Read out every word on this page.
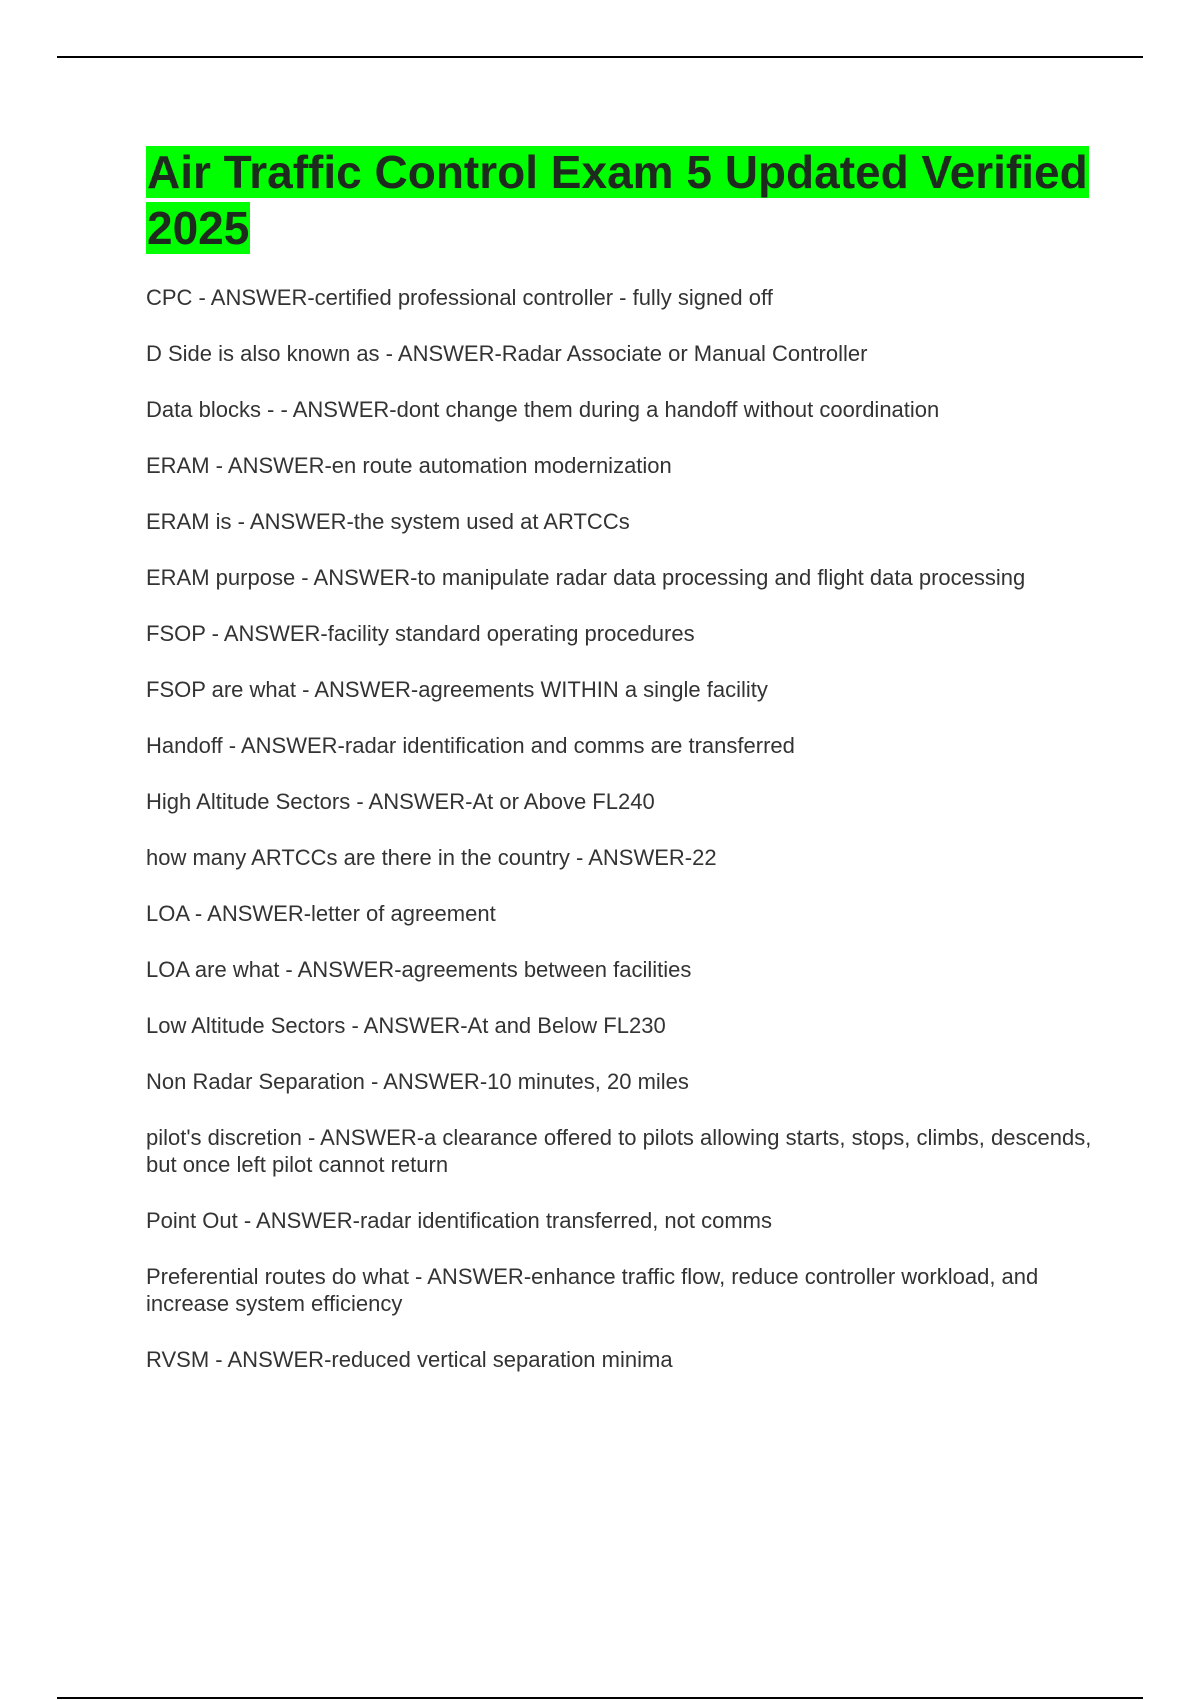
Air Traffic Control Exam 5 Updated Verified 2025
CPC - ANSWER-certified professional controller - fully signed off
D Side is also known as - ANSWER-Radar Associate or Manual Controller
Data blocks - - ANSWER-dont change them during a handoff without coordination
ERAM - ANSWER-en route automation modernization
ERAM is - ANSWER-the system used at ARTCCs
ERAM purpose - ANSWER-to manipulate radar data processing and flight data processing
FSOP - ANSWER-facility standard operating procedures
FSOP are what - ANSWER-agreements WITHIN a single facility
Handoff - ANSWER-radar identification and comms are transferred
High Altitude Sectors - ANSWER-At or Above FL240
how many ARTCCs are there in the country - ANSWER-22
LOA - ANSWER-letter of agreement
LOA are what - ANSWER-agreements between facilities
Low Altitude Sectors - ANSWER-At and Below FL230
Non Radar Separation - ANSWER-10 minutes, 20 miles
pilot's discretion - ANSWER-a clearance offered to pilots allowing starts, stops, climbs, descends, but once left pilot cannot return
Point Out - ANSWER-radar identification transferred, not comms
Preferential routes do what - ANSWER-enhance traffic flow, reduce controller workload, and increase system efficiency
RVSM - ANSWER-reduced vertical separation minima
